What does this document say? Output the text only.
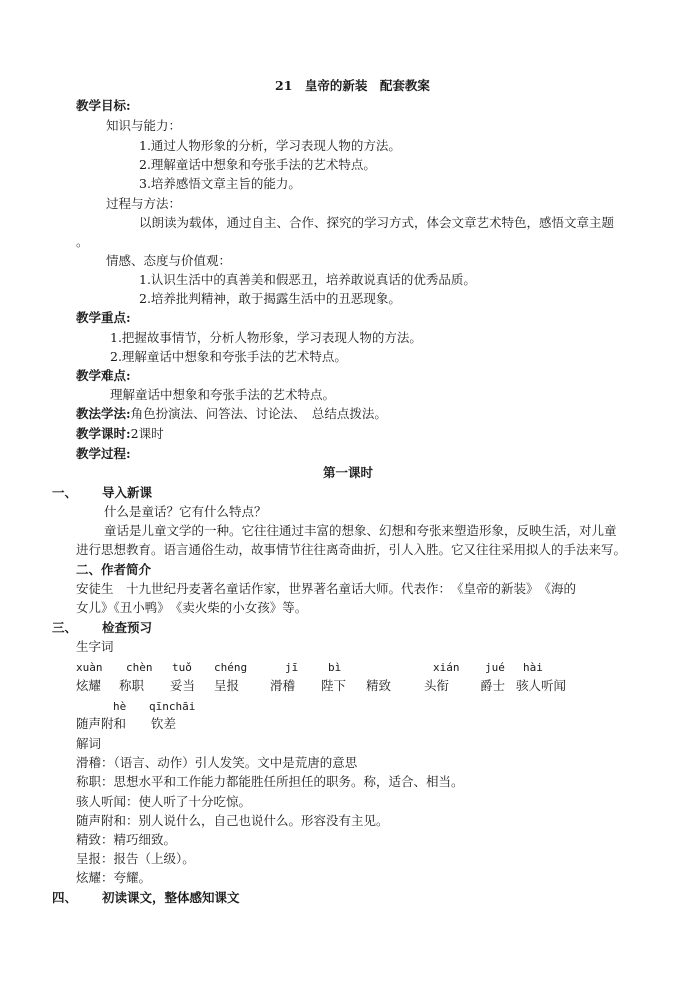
21　皇帝的新装　配套教案
教学目标:
知识与能力：
1.通过人物形象的分析，学习表现人物的方法。
2.理解童话中想象和夸张手法的艺术特点。
3.培养感悟文章主旨的能力。
过程与方法：
以朗读为载体，通过自主、合作、探究的学习方式，体会文章艺术特色，感悟文章主题
。
情感、态度与价值观：
1.认识生活中的真善美和假恶丑，培养敢说真话的优秀品质。
2.培养批判精神，敢于揭露生活中的丑恶现象。
教学重点:
1.把握故事情节，分析人物形象，学习表现人物的方法。
2.理解童话中想象和夸张手法的艺术特点。
教学难点:
理解童话中想象和夸张手法的艺术特点。
教法学法:角色扮演法、问答法、讨论法、　总结点拨法。
教学课时:2课时
教学过程:
第一课时
一、 导入新课
什么是童话？它有什么特点？
童话是儿童文学的一种。它往往通过丰富的想象、幻想和夸张来塑造形象，反映生活，对儿童
进行思想教育。语言通俗生动，故事情节往往离奇曲折，引人入胜。它又往往采用拟人的手法来写。
二、作者简介
安徒生　十九世纪丹麦著名童话作家，世界著名童话大师。代表作：　《皇帝的新装》　《海的
女儿》《丑小鸭》　《卖火柴的小女孩》等。
三、 检查预习
生字词
xuàn chèn tuǒ chéng	jī	bì	xián jué hài
炫耀 称职 妥当 呈报 滑稽 陛下 精致	头衔 爵士 骇人听闻
hè qīnchāi
随声附和 钦差
解词
滑稽：（语言、动作）引人发笑。文中是荒唐的意思
称职：思想水平和工作能力都能胜任所担任的职务。称，适合、相当。
骇人听闻：使人听了十分吃惊。
随声附和：别人说什么，自己也说什么。形容没有主见。
精致：精巧细致。
呈报：报告（上级）。
炫耀：夸耀。
四、 初读课文，整体感知课文
